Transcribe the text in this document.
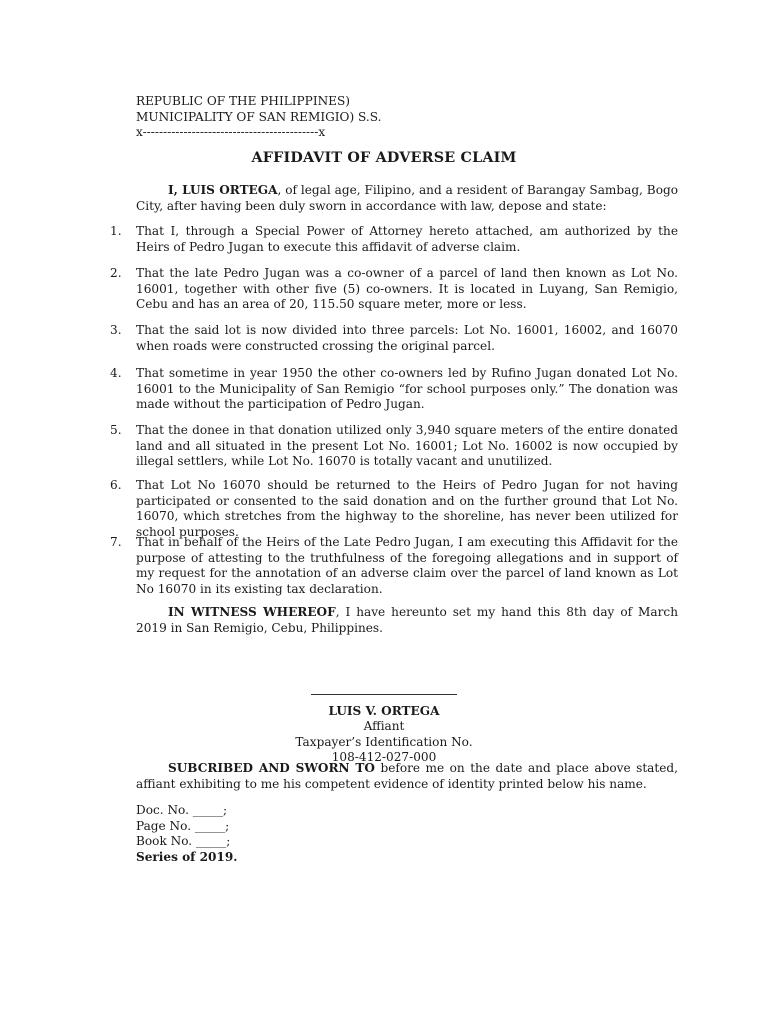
REPUBLIC OF THE PHILIPPINES)
MUNICIPALITY OF SAN REMIGIO) S.S.
x-------------------------------------------x
AFFIDAVIT OF ADVERSE CLAIM
I, LUIS ORTEGA, of legal age, Filipino, and a resident of Barangay Sambag, Bogo City, after having been duly sworn in accordance with law, depose and state:
1.	That I, through a Special Power of Attorney hereto attached, am authorized by the Heirs of Pedro Jugan to execute this affidavit of adverse claim.
2.	That the late Pedro Jugan was a co-owner of a parcel of land then known as Lot No. 16001, together with other five (5) co-owners. It is located in Luyang, San Remigio, Cebu and has an area of 20, 115.50 square meter, more or less.
3.	That the said lot is now divided into three parcels: Lot No. 16001, 16002, and 16070 when roads were constructed crossing the original parcel.
4.	That sometime in year 1950 the other co-owners led by Rufino Jugan donated Lot No. 16001 to the Municipality of San Remigio “for school purposes only.” The donation was made without the participation of Pedro Jugan.
5.	That the donee in that donation utilized only 3,940 square meters of the entire donated land and all situated in the present Lot No. 16001; Lot No. 16002 is now occupied by illegal settlers, while Lot No. 16070 is totally vacant and unutilized.
6.	That Lot No 16070 should be returned to the Heirs of Pedro Jugan for not having participated or consented to the said donation and on the further ground that Lot No. 16070, which stretches from the highway to the shoreline, has never been utilized for school purposes.
7.	That in behalf of the Heirs of the Late Pedro Jugan, I am executing this Affidavit for the purpose of attesting to the truthfulness of the foregoing allegations and in support of my request for the annotation of an adverse claim over the parcel of land known as Lot No 16070 in its existing tax declaration.
IN WITNESS WHEREOF, I have hereunto set my hand this 8th day of March 2019 in San Remigio, Cebu, Philippines.
LUIS V. ORTEGA
Affiant
Taxpayer’s Identification No.
108-412-027-000
SUBCRIBED AND SWORN TO before me on the date and place above stated, affiant exhibiting to me his competent evidence of identity printed below his name.
Doc. No. _____;
Page No. _____;
Book No. _____;
Series of 2019.
